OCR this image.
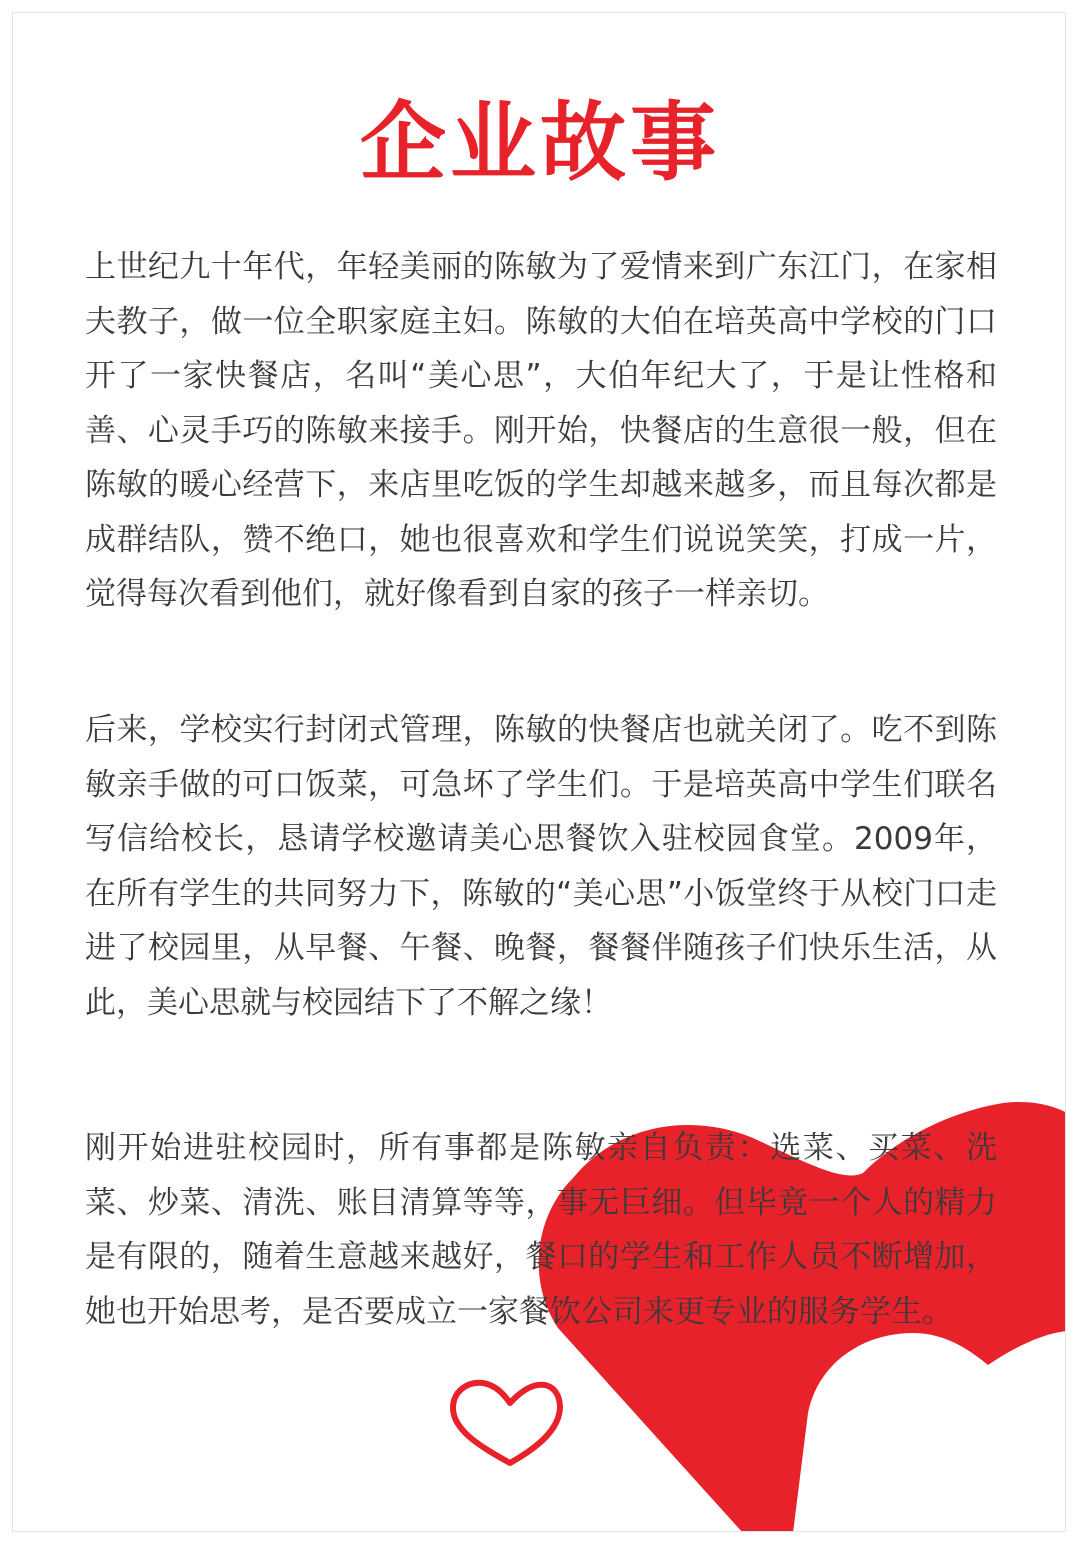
企业故事

上世纪九十年代，年轻美丽的陈敏为了爱情来到广东江门，在家相夫教子，做一位全职家庭主妇。陈敏的大伯在培英高中学校的门口开了一家快餐店，名叫“美心思”，大伯年纪大了，于是让性格和善、心灵手巧的陈敏来接手。刚开始，快餐店的生意很一般，但在陈敏的暖心经营下，来店里吃饭的学生却越来越多，而且每次都是成群结队，赞不绝口，她也很喜欢和学生们说说笑笑，打成一片，觉得每次看到他们，就好像看到自家的孩子一样亲切。

后来，学校实行封闭式管理，陈敏的快餐店也就关闭了。吃不到陈敏亲手做的可口饭菜，可急坏了学生们。于是培英高中学生们联名写信给校长，恳请学校邀请美心思餐饮入驻校园食堂。2009年，在所有学生的共同努力下，陈敏的“美心思”小饭堂终于从校门口走进了校园里，从早餐、午餐、晚餐，餐餐伴随孩子们快乐生活，从此，美心思就与校园结下了不解之缘！

刚开始进驻校园时，所有事都是陈敏亲自负责：选菜、买菜、洗菜、炒菜、清洗、账目清算等等，事无巨细。但毕竟一个人的精力是有限的，随着生意越来越好，餐口的学生和工作人员不断增加，她也开始思考，是否要成立一家餐饮公司来更专业的服务学生。
